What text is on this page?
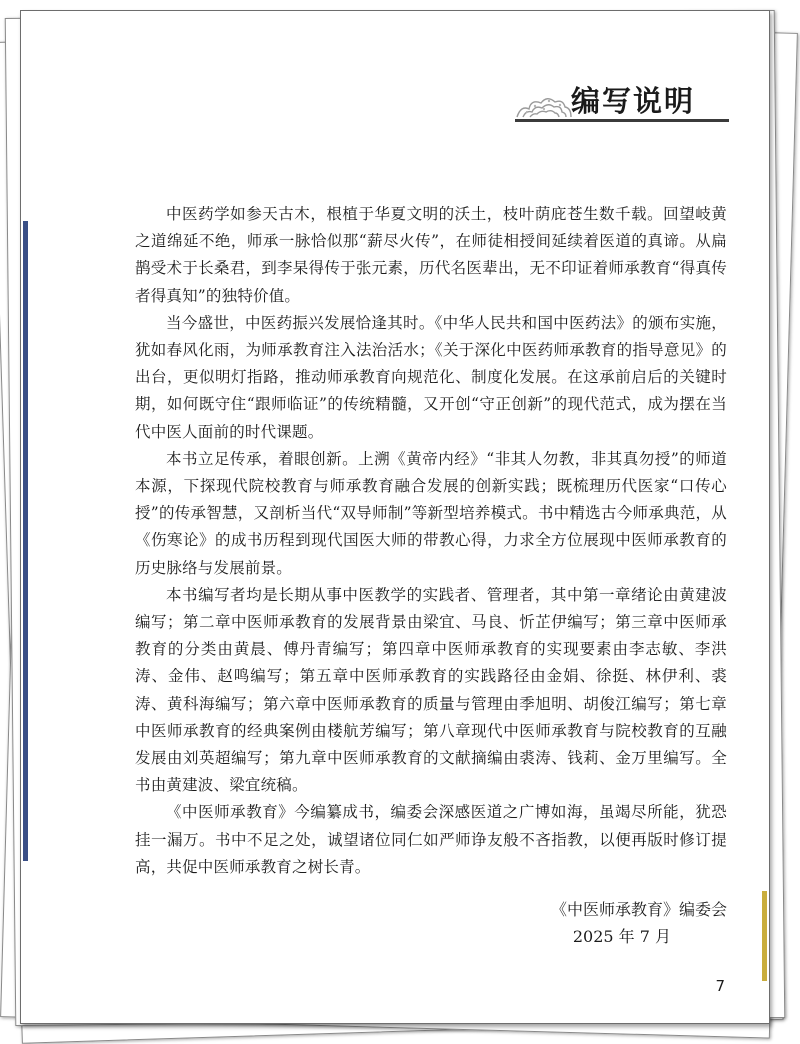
编写说明

中医药学如参天古木，根植于华夏文明的沃土，枝叶荫庇苍生数千载。回望岐黄之道绵延不绝，师承一脉恰似那“薪尽火传”，在师徒相授间延续着医道的真谛。从扁鹊受术于长桑君，到李杲得传于张元素，历代名医辈出，无不印证着师承教育“得真传者得真知”的独特价值。

当今盛世，中医药振兴发展恰逢其时。《中华人民共和国中医药法》的颁布实施，犹如春风化雨，为师承教育注入法治活水；《关于深化中医药师承教育的指导意见》的出台，更似明灯指路，推动师承教育向规范化、制度化发展。在这承前启后的关键时期，如何既守住“跟师临证”的传统精髓，又开创“守正创新”的现代范式，成为摆在当代中医人面前的时代课题。

本书立足传承，着眼创新。上溯《黄帝内经》“非其人勿教，非其真勿授”的师道本源，下探现代院校教育与师承教育融合发展的创新实践；既梳理历代医家“口传心授”的传承智慧，又剖析当代“双导师制”等新型培养模式。书中精选古今师承典范，从《伤寒论》的成书历程到现代国医大师的带教心得，力求全方位展现中医师承教育的历史脉络与发展前景。

本书编写者均是长期从事中医教学的实践者、管理者，其中第一章绪论由黄建波编写；第二章中医师承教育的发展背景由梁宜、马良、忻芷伊编写；第三章中医师承教育的分类由黄晨、傅丹青编写；第四章中医师承教育的实现要素由李志敏、李洪涛、金伟、赵鸣编写；第五章中医师承教育的实践路径由金娟、徐挺、林伊利、裘涛、黄科海编写；第六章中医师承教育的质量与管理由季旭明、胡俊江编写；第七章中医师承教育的经典案例由楼航芳编写；第八章现代中医师承教育与院校教育的互融发展由刘英超编写；第九章中医师承教育的文献摘编由裘涛、钱莉、金万里编写。全书由黄建波、梁宜统稿。

《中医师承教育》今编纂成书，编委会深感医道之广博如海，虽竭尽所能，犹恐挂一漏万。书中不足之处，诚望诸位同仁如严师诤友般不吝指教，以便再版时修订提高，共促中医师承教育之树长青。

《中医师承教育》编委会
2025 年 7 月
7
